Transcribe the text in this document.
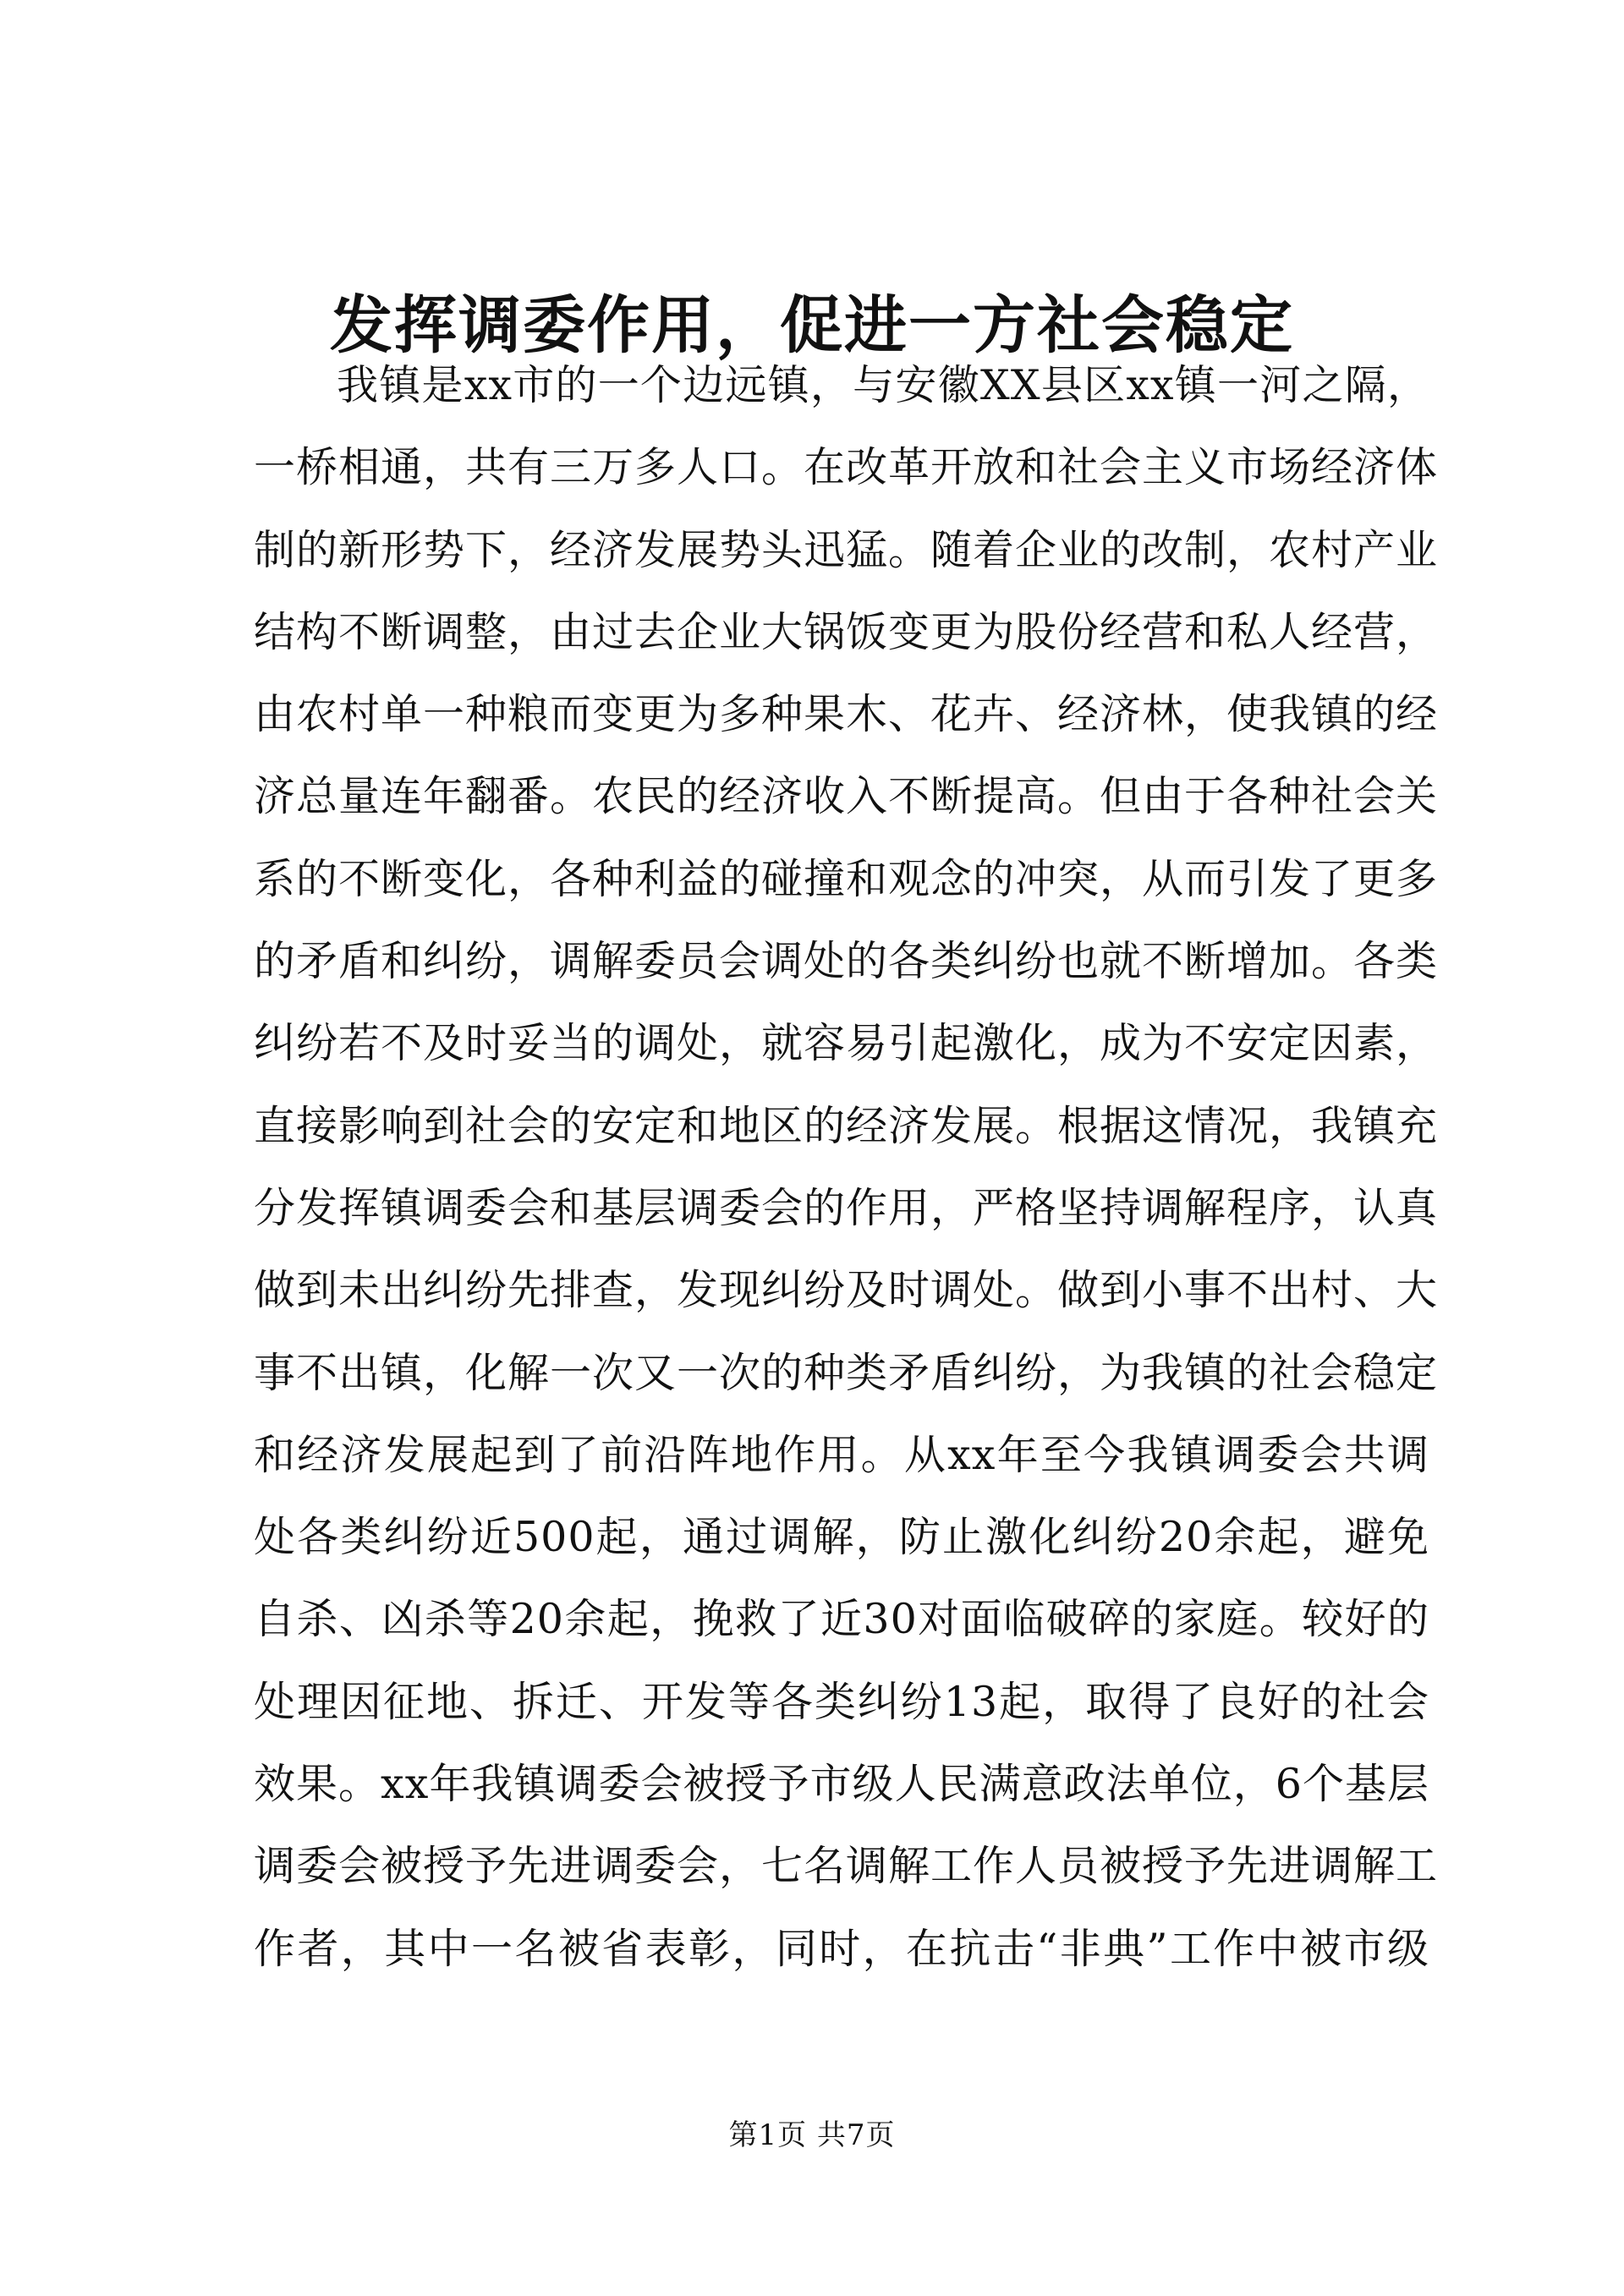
发挥调委作用，促进一方社会稳定
我镇是xx市的一个边远镇，与安徽XX县区xx镇一河之隔，
一桥相通，共有三万多人口。在改革开放和社会主义市场经济体
制的新形势下，经济发展势头迅猛。随着企业的改制，农村产业
结构不断调整，由过去企业大锅饭变更为股份经营和私人经营，
由农村单一种粮而变更为多种果木、花卉、经济林，使我镇的经
济总量连年翻番。农民的经济收入不断提高。但由于各种社会关
系的不断变化，各种利益的碰撞和观念的冲突，从而引发了更多
的矛盾和纠纷，调解委员会调处的各类纠纷也就不断增加。各类
纠纷若不及时妥当的调处，就容易引起激化，成为不安定因素，
直接影响到社会的安定和地区的经济发展。根据这情况，我镇充
分发挥镇调委会和基层调委会的作用，严格坚持调解程序，认真
做到未出纠纷先排查，发现纠纷及时调处。做到小事不出村、大
事不出镇，化解一次又一次的种类矛盾纠纷，为我镇的社会稳定
和经济发展起到了前沿阵地作用。从xx年至今我镇调委会共调
处各类纠纷近500起，通过调解，防止激化纠纷20余起，避免
自杀、凶杀等20余起，挽救了近30对面临破碎的家庭。较好的
处理因征地、拆迁、开发等各类纠纷13起，取得了良好的社会
效果。xx年我镇调委会被授予市级人民满意政法单位，6个基层
调委会被授予先进调委会，七名调解工作人员被授予先进调解工
作者，其中一名被省表彰，同时，在抗击“非典”工作中被市级
第1页 共7页
